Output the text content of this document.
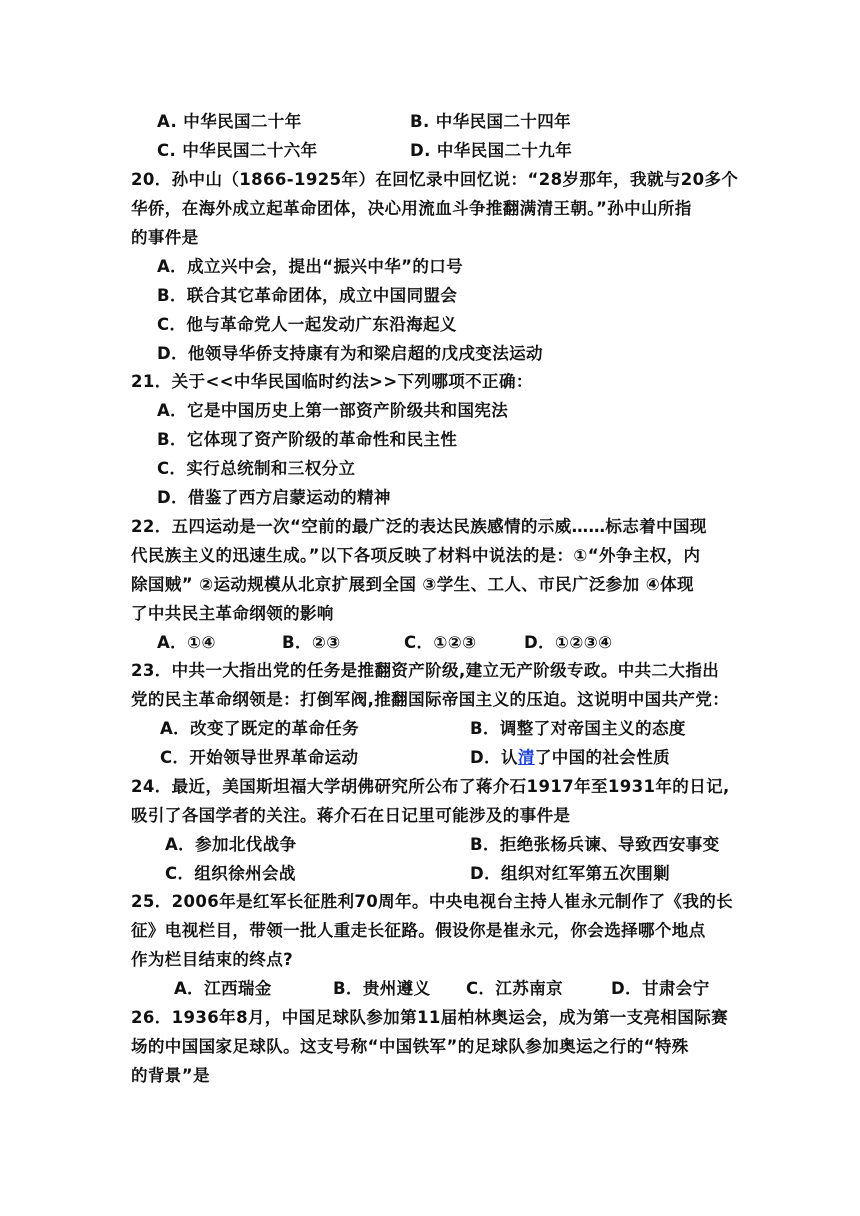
A. 中华民国二十年	B. 中华民国二十四年
C. 中华民国二十六年	D. 中华民国二十九年
20．孙中山（1866-1925年）在回忆录中回忆说：“28岁那年，我就与20多个
华侨，在海外成立起革命团体，决心用流血斗争推翻满清王朝。”孙中山所指
的事件是
A．成立兴中会，提出“振兴中华”的口号
B．联合其它革命团体，成立中国同盟会
C．他与革命党人一起发动广东沿海起义
D．他领导华侨支持康有为和梁启超的戊戌变法运动
21．关于<<中华民国临时约法>>下列哪项不正确：
A．它是中国历史上第一部资产阶级共和国宪法
B．它体现了资产阶级的革命性和民主性
C．实行总统制和三权分立
D．借鉴了西方启蒙运动的精神
22．五四运动是一次“空前的最广泛的表达民族感情的示威……标志着中国现
代民族主义的迅速生成。”以下各项反映了材料中说法的是：①“外争主权，内
除国贼” ②运动规模从北京扩展到全国 ③学生、工人、市民广泛参加 ④体现
了中共民主革命纲领的影响
A．①④	B．②③	C．①②③	D．①②③④
23．中共一大指出党的任务是推翻资产阶级,建立无产阶级专政。中共二大指出
党的民主革命纲领是：打倒军阀,推翻国际帝国主义的压迫。这说明中国共产党：
A．改变了既定的革命任务	B．调整了对帝国主义的态度
C．开始领导世界革命运动	D．认清了中国的社会性质
24．最近，美国斯坦福大学胡佛研究所公布了蒋介石1917年至1931年的日记,
吸引了各国学者的关注。蒋介石在日记里可能涉及的事件是
A．参加北伐战争	B．拒绝张杨兵谏、导致西安事变
C．组织徐州会战	D．组织对红军第五次围剿
25．2006年是红军长征胜利70周年。中央电视台主持人崔永元制作了《我的长
征》电视栏目，带领一批人重走长征路。假设你是崔永元，你会选择哪个地点
作为栏目结束的终点?
A．江西瑞金	B．贵州遵义 C．江苏南京	D．甘肃会宁
26．1936年8月，中国足球队参加第11届柏林奥运会，成为第一支亮相国际赛
场的中国国家足球队。这支号称“中国铁军”的足球队参加奥运之行的“特殊
的背景”是
